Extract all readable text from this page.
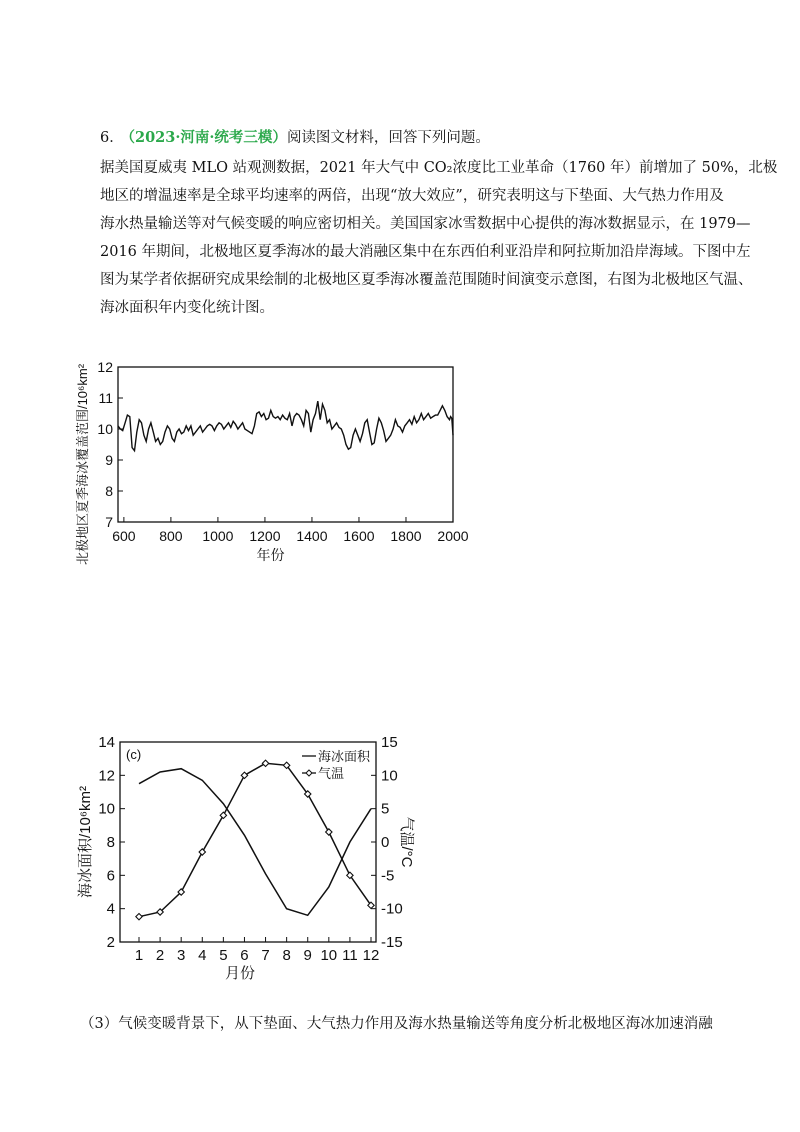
6． （2023·河南·统考三模）阅读图文材料，回答下列问题。
据美国夏威夷 MLO 站观测数据，2021 年大气中 CO₂浓度比工业革命（1760 年）前增加了 50%，北极
地区的增温速率是全球平均速率的两倍，出现“放大效应”，研究表明这与下垫面、大气热力作用及
海水热量输送等对气候变暖的响应密切相关。美国国家冰雪数据中心提供的海冰数据显示，在 1979—
2016 年期间，北极地区夏季海冰的最大消融区集中在东西伯利亚沿岸和阿拉斯加沿岸海域。下图中左
图为某学者依据研究成果绘制的北极地区夏季海冰覆盖范围随时间演变示意图，右图为北极地区气温、
海冰面积年内变化统计图。
7
8
9
10
11
12
600 800 1000 1200 1400 1600 1800 2000
年份
北极地区夏季海冰覆盖范围/10⁶km²
2
4
6
8
10
12
14
-15
-10
-5
0
5
10
15
1 2 3 4 5 6 7 8 9 10 11 12
(c)	海冰面积
气温
月份
海冰面积/10⁶km²	气温/°C
（3）气候变暖背景下，从下垫面、大气热力作用及海水热量输送等角度分析北极地区海冰加速消融
